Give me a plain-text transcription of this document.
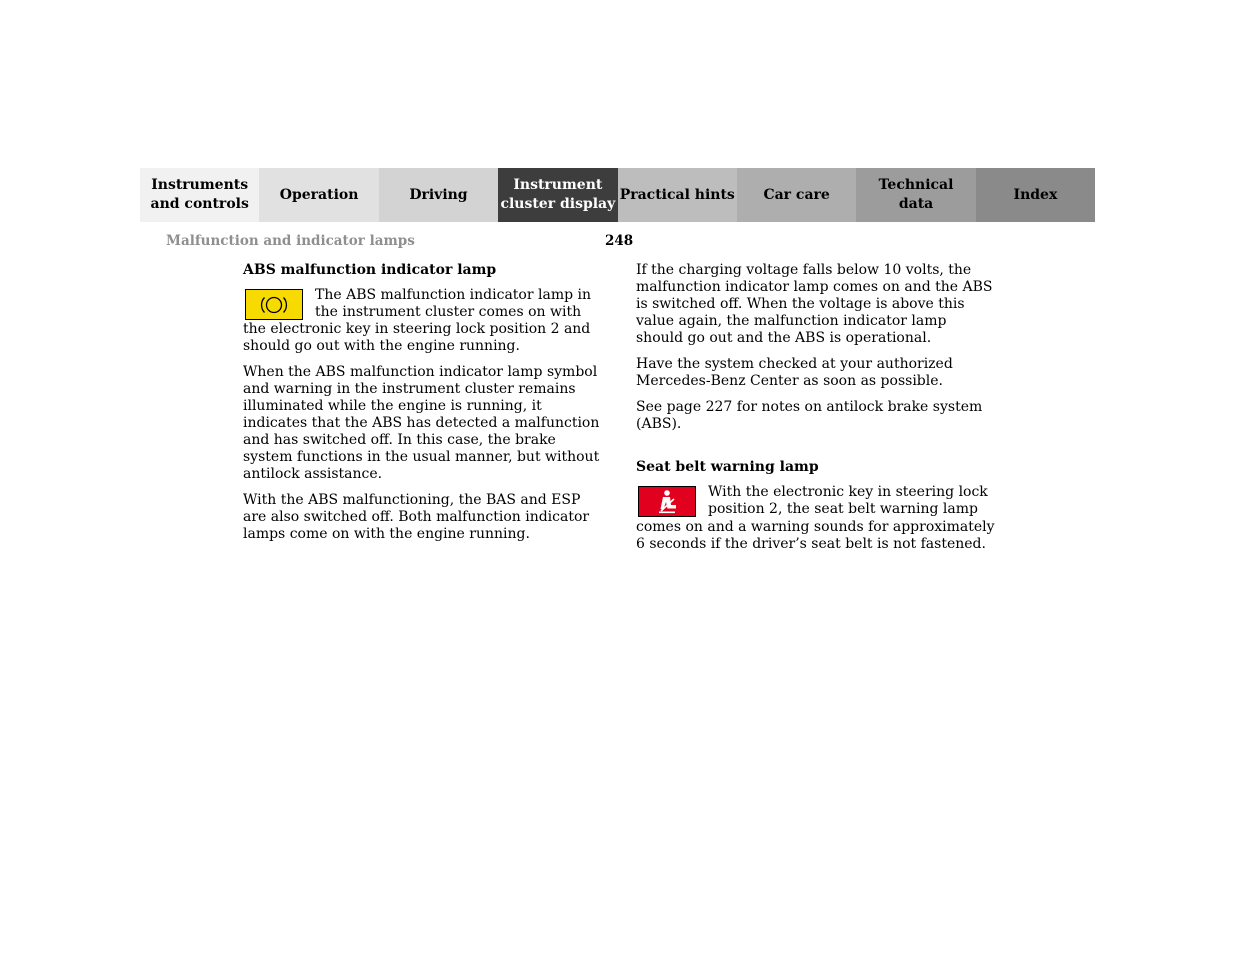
Instruments
and controls
Operation	Driving
Instrument
cluster display
Practical hints	Car care
Technical
data
Index
Malfunction and indicator lamps	248
ABS malfunction indicator lamp

The ABS malfunction indicator lamp in the instrument cluster comes on with the electronic key in steering lock position 2 and should go out with the engine running.

When the ABS malfunction indicator lamp symbol and warning in the instrument cluster remains illuminated while the engine is running, it indicates that the ABS has detected a malfunction and has switched off. In this case, the brake system functions in the usual manner, but without antilock assistance.

With the ABS malfunctioning, the BAS and ESP are also switched off. Both malfunction indicator lamps come on with the engine running.

If the charging voltage falls below 10 volts, the malfunction indicator lamp comes on and the ABS is switched off. When the voltage is above this value again, the malfunction indicator lamp should go out and the ABS is operational.

Have the system checked at your authorized Mercedes-Benz Center as soon as possible.

See page 227 for notes on antilock brake system (ABS).

Seat belt warning lamp

With the electronic key in steering lock position 2, the seat belt warning lamp comes on and a warning sounds for approximately 6 seconds if the driver’s seat belt is not fastened.
